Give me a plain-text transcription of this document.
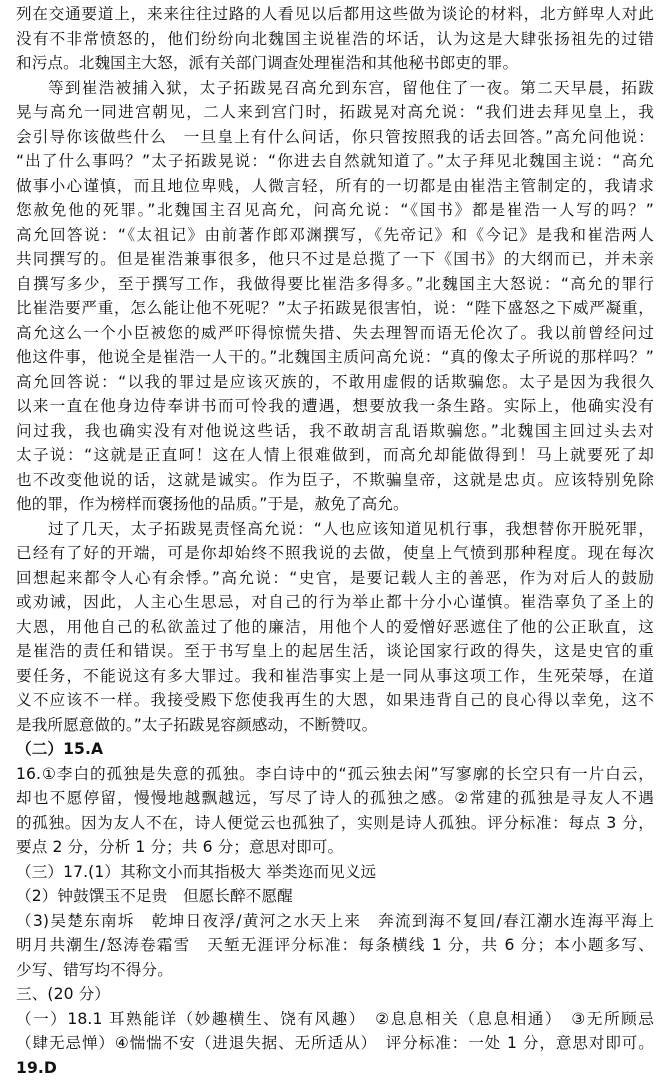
列在交通要道上，来来往往过路的人看见以后都用这些做为谈论的材料，北方鲜卑人对此
没有不非常愤怒的，他们纷纷向北魏国主说崔浩的坏话，认为这是大肆张扬祖先的过错
和污点。北魏国主大怒，派有关部门调查处理崔浩和其他秘书郎吏的罪。
等到崔浩被捕入狱，太子拓跋晃召高允到东宫，留他住了一夜。第二天早晨，拓跋
晃与高允一同进宫朝见，二人来到宫门时，拓跋晃对高允说：“我们进去拜见皇上，我
会引导你该做些什么　一旦皇上有什么问话，你只管按照我的话去回答。”高允问他说：
“出了什么事吗？”太子拓跋晃说：“你进去自然就知道了。”太子拜见北魏国主说：“高允
做事小心谨慎，而且地位卑贱，人微言轻，所有的一切都是由崔浩主管制定的，我请求
您赦免他的死罪。”北魏国主召见高允，问高允说：“《国书》都是崔浩一人写的吗？”
高允回答说：“《太祖记》由前著作郎邓渊撰写，《先帝记》和《今记》是我和崔浩两人
共同撰写的。但是崔浩兼事很多，他只不过是总揽了一下《国书》的大纲而已，并未亲
自撰写多少，至于撰写工作，我做得要比崔浩多得多。”北魏国主大怒说：“高允的罪行
比崔浩要严重，怎么能让他不死呢？”太子拓跋晃很害怕，说：“陛下盛怒之下威严凝重，
高允这么一个小臣被您的威严吓得惊慌失措、失去理智而语无伦次了。我以前曾经问过
他这件事，他说全是崔浩一人干的。”北魏国主质问高允说：“真的像太子所说的那样吗？”
高允回答说：“以我的罪过是应该灭族的，不敢用虚假的话欺骗您。太子是因为我很久
以来一直在他身边侍奉讲书而可怜我的遭遇，想要放我一条生路。实际上，他确实没有
问过我，我也确实没有对他说这些话，我不敢胡言乱语欺骗您。”北魏国主回过头去对
太子说：“这就是正直呵！这在人情上很难做到，而高允却能做得到！马上就要死了却
也不改变他说的话，这就是诚实。作为臣子，不欺骗皇帝，这就是忠贞。应该特别免除
他的罪，作为榜样而褒扬他的品质。”于是，赦免了高允。
过了几天，太子拓跋晃责怪高允说：“人也应该知道见机行事，我想替你开脱死罪，
已经有了好的开端，可是你却始终不照我说的去做，使皇上气愤到那种程度。现在每次
回想起来都令人心有余悸。”高允说：“史官，是要记载人主的善恶，作为对后人的鼓励
或劝诫，因此，人主心生思忌，对自己的行为举止都十分小心谨慎。崔浩辜负了圣上的
大恩，用他自己的私欲盖过了他的廉洁，用他个人的爱憎好恶遮住了他的公正耿直，这
是崔浩的责任和错误。至于书写皇上的起居生活，谈论国家行政的得失，这是史官的重
要任务，不能说这有多大罪过。我和崔浩事实上是一同从事这项工作，生死荣辱，在道
义不应该不一样。我接受殿下您使我再生的大恩，如果违背自己的良心得以幸免，这不
是我所愿意做的。”太子拓跋晃容颜感动，不断赞叹。
（二）15.A
16.①李白的孤独是失意的孤独。李白诗中的“孤云独去闲”写寥廓的长空只有一片白云，
却也不愿停留，慢慢地越飘越远，写尽了诗人的孤独之感。②常建的孤独是寻友人不遇
的孤独。因为友人不在，诗人便觉云也孤独了，实则是诗人孤独。评分标准：每点 3 分，
要点 2 分，分析 1 分；共 6 分；意思对即可。
（三）17.(1）其称文小而其指极大 举类迩而见义远
（2）钟鼓馔玉不足贵　但愿长醉不愿醒
（3)吴楚东南坼　乾坤日夜浮/黄河之水天上来　奔流到海不复回/春江潮水连海平海上
明月共潮生/怒涛卷霜雪　天堑无涯评分标准：每条横线 1 分，共 6 分；本小题多写、
少写、错写均不得分。
三、(20 分）
（一）18.1 耳熟能详（妙趣横生、饶有风趣）　②息息相关（息息相通）　③无所顾忌
（肆无忌惮）④惴惴不安（进退失据、无所适从）　评分标准：一处 1 分，意思对即可。
19.D
